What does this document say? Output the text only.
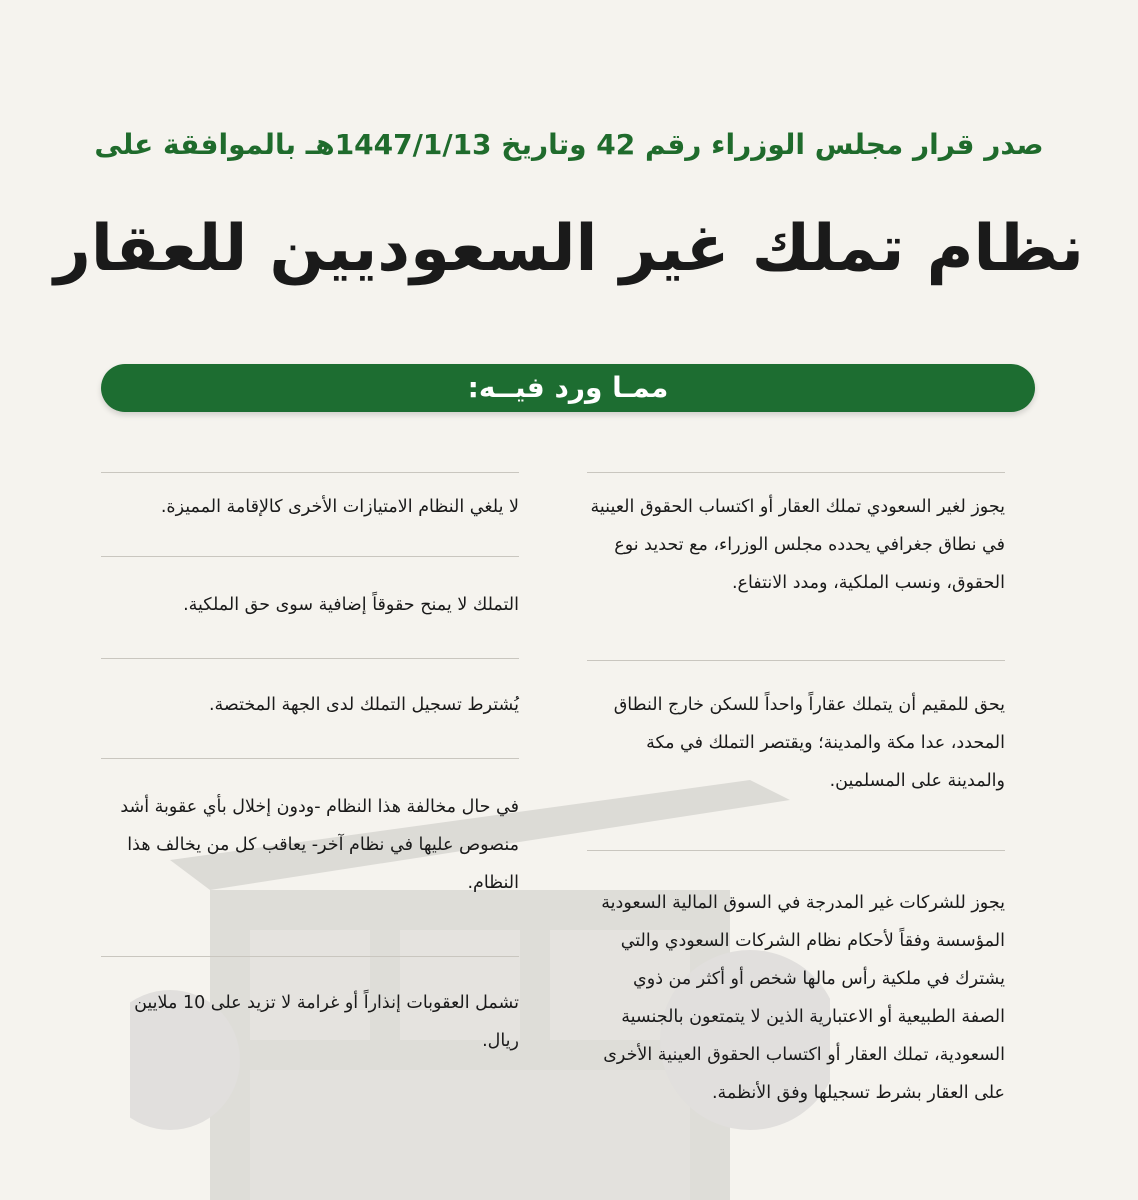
صدر قرار مجلس الوزراء رقم 42 وتاريخ 1447/1/13هـ بالموافقة على
نظام تملك غير السعوديين للعقار
ممـا ورد فيــه:
يجوز لغير السعودي تملك العقار أو اكتساب الحقوق العينية في نطاق جغرافي يحدده مجلس الوزراء، مع تحديد نوع الحقوق، ونسب الملكية، ومدد الانتفاع.
يحق للمقيم أن يتملك عقاراً واحداً للسكن خارج النطاق المحدد، عدا مكة والمدينة؛ ويقتصر التملك في مكة والمدينة على المسلمين.
يجوز للشركات غير المدرجة في السوق المالية السعودية المؤسسة وفقاً لأحكام نظام الشركات السعودي والتي يشترك في ملكية رأس مالها شخص أو أكثر من ذوي الصفة الطبيعية أو الاعتبارية الذين لا يتمتعون بالجنسية السعودية، تملك العقار أو اكتساب الحقوق العينية الأخرى على العقار بشرط تسجيلها وفق الأنظمة.
لا يلغي النظام الامتيازات الأخرى كالإقامة المميزة.
التملك لا يمنح حقوقاً إضافية سوى حق الملكية.
يُشترط تسجيل التملك لدى الجهة المختصة.
في حال مخالفة هذا النظام -ودون إخلال بأي عقوبة أشد منصوص عليها في نظام آخر- يعاقب كل من يخالف هذا النظام.
تشمل العقوبات إنذاراً أو غرامة لا تزيد على 10 ملايين ريال.
